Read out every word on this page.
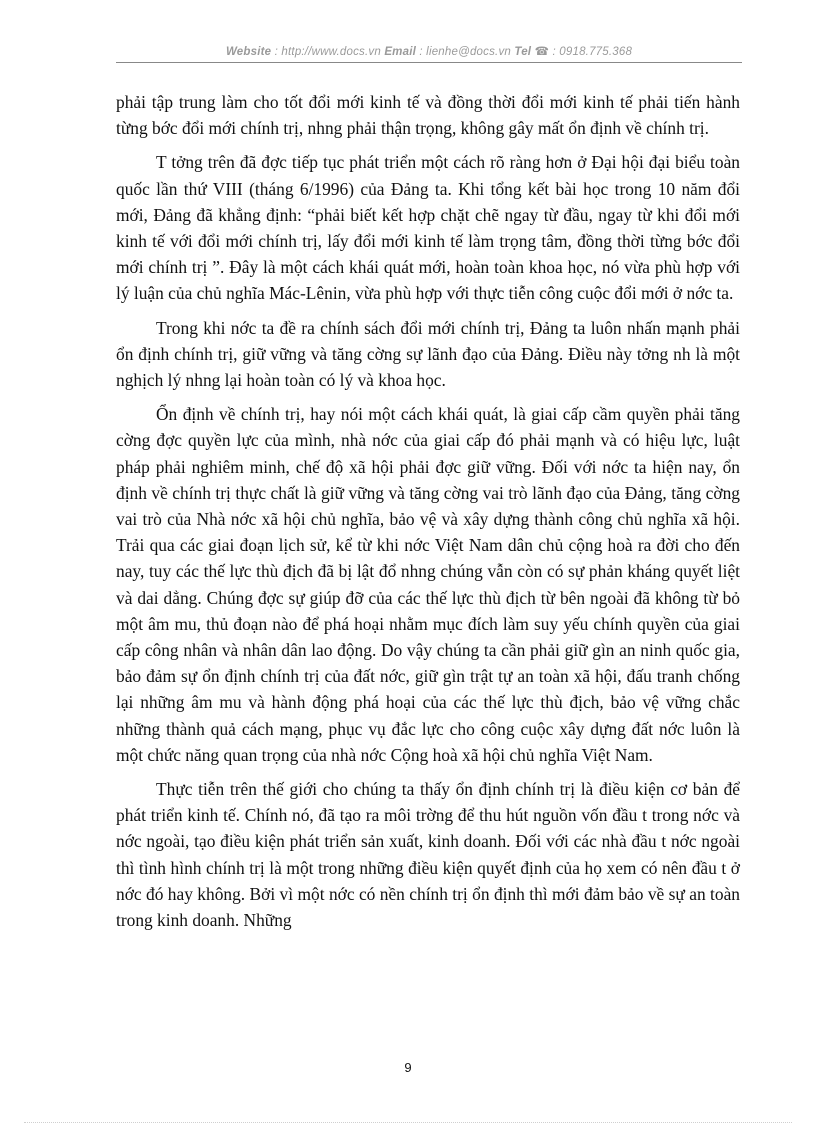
Website : http://www.docs.vn Email : lienhe@docs.vn Tel ☎ : 0918.775.368

phải tập trung làm cho tốt đổi mới kinh tế và đồng thời đổi mới kinh tế phải tiến hành từng bớc đổi mới chính trị, nhng phải thận trọng, không gây mất ổn định về chính trị.

T tởng trên đã đợc tiếp tục phát triển một cách rõ ràng hơn ở Đại hội đại biểu toàn quốc lần thứ VIII (tháng 6/1996) của Đảng ta. Khi tổng kết bài học trong 10 năm đổi mới, Đảng đã khẳng định: “phải biết kết hợp chặt chẽ ngay từ đầu, ngay từ khi đổi mới kinh tế với đổi mới chính trị, lấy đổi mới kinh tế làm trọng tâm, đồng thời từng bớc đổi mới chính trị ”. Đây là một cách khái quát mới, hoàn toàn khoa học, nó vừa phù hợp với lý luận của chủ nghĩa Mác-Lênin, vừa phù hợp với thực tiễn công cuộc đổi mới ở nớc ta.

Trong khi nớc ta đề ra chính sách đổi mới chính trị, Đảng ta luôn nhấn mạnh phải ổn định chính trị, giữ vững và tăng cờng sự lãnh đạo của Đảng. Điều này tởng nh là một nghịch lý nhng lại hoàn toàn có lý và khoa học.

Ổn định về chính trị, hay nói một cách khái quát, là giai cấp cầm quyền phải tăng cờng đợc quyền lực của mình, nhà nớc của giai cấp đó phải mạnh và có hiệu lực, luật pháp phải nghiêm minh, chế độ xã hội phải đợc giữ vững. Đối với nớc ta hiện nay, ổn định về chính trị thực chất là giữ vững và tăng cờng vai trò lãnh đạo của Đảng, tăng cờng vai trò của Nhà nớc xã hội chủ nghĩa, bảo vệ và xây dựng thành công chủ nghĩa xã hội. Trải qua các giai đoạn lịch sử, kể từ khi nớc Việt Nam dân chủ cộng hoà ra đời cho đến nay, tuy các thế lực thù địch đã bị lật đổ nhng chúng vẫn còn có sự phản kháng quyết liệt và dai dẳng. Chúng đợc sự giúp đỡ của các thế lực thù địch từ bên ngoài đã không từ bỏ một âm mu, thủ đoạn nào để phá hoại nhằm mục đích làm suy yếu chính quyền của giai cấp công nhân và nhân dân lao động. Do vậy chúng ta cần phải giữ gìn an ninh quốc gia, bảo đảm sự ổn định chính trị của đất nớc, giữ gìn trật tự an toàn xã hội, đấu tranh chống lại những âm mu và hành động phá hoại của các thế lực thù địch, bảo vệ vững chắc những thành quả cách mạng, phục vụ đắc lực cho công cuộc xây dựng đất nớc luôn là một chức năng quan trọng của nhà nớc Cộng hoà xã hội chủ nghĩa Việt Nam.

Thực tiễn trên thế giới cho chúng ta thấy ổn định chính trị là điều kiện cơ bản để phát triển kinh tế. Chính nó, đã tạo ra môi trờng để thu hút nguồn vốn đầu t trong nớc và nớc ngoài, tạo điều kiện phát triển sản xuất, kinh doanh. Đối với các nhà đầu t nớc ngoài thì tình hình chính trị là một trong những điều kiện quyết định của họ xem có nên đầu t ở nớc đó hay không. Bởi vì một nớc có nền chính trị ổn định thì mới đảm bảo về sự an toàn trong kinh doanh. Những

9
